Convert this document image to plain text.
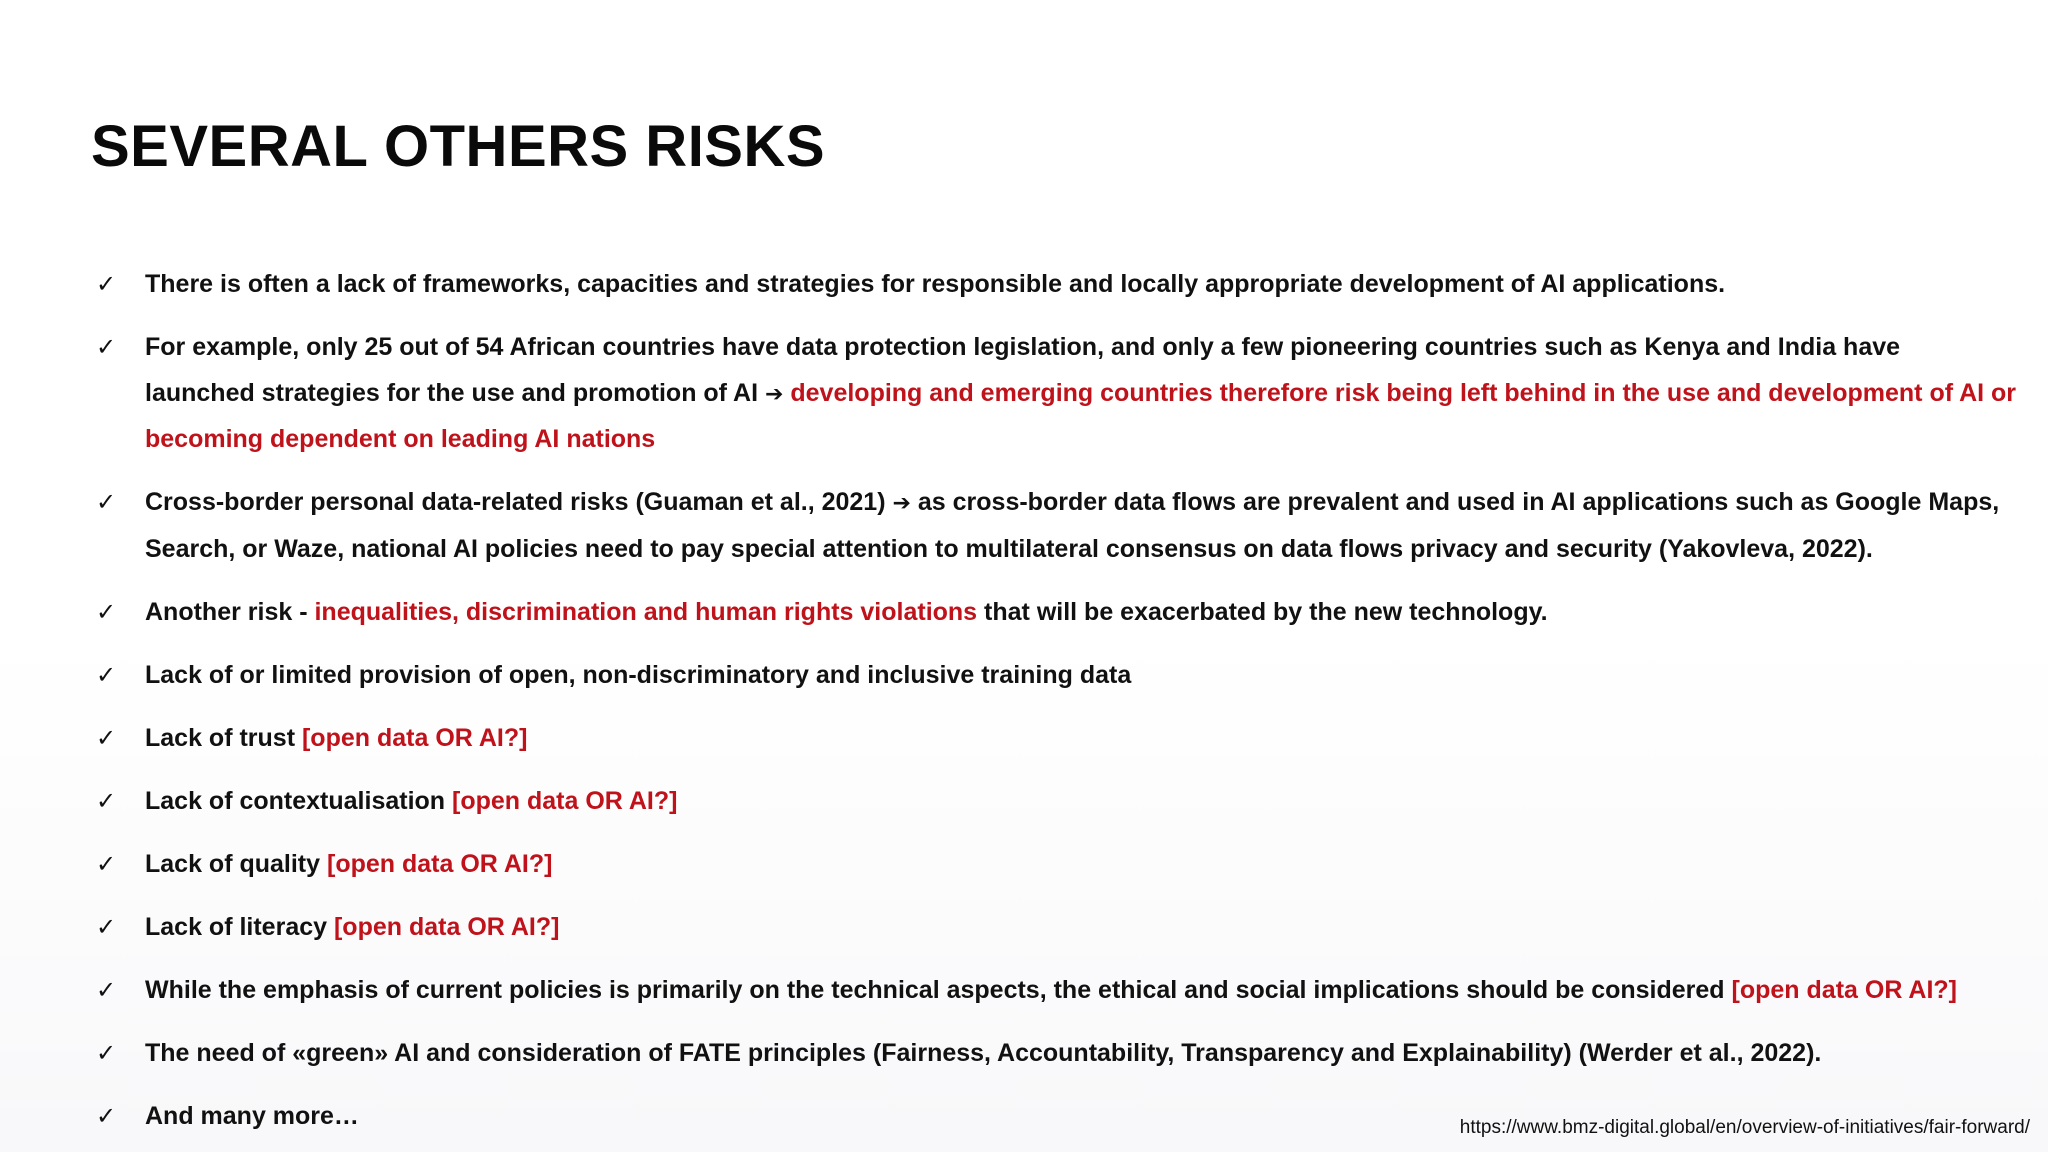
SEVERAL OTHERS RISKS
✓ There is often a lack of frameworks, capacities and strategies for responsible and locally appropriate development of AI applications.
✓ For example, only 25 out of 54 African countries have data protection legislation, and only a few pioneering countries such as Kenya and India have launched strategies for the use and promotion of AI ➔ developing and emerging countries therefore risk being left behind in the use and development of AI or becoming dependent on leading AI nations
✓ Cross-border personal data-related risks (Guaman et al., 2021) ➔ as cross-border data flows are prevalent and used in AI applications such as Google Maps, Search, or Waze, national AI policies need to pay special attention to multilateral consensus on data flows privacy and security (Yakovleva, 2022).
✓ Another risk - inequalities, discrimination and human rights violations that will be exacerbated by the new technology.
✓ Lack of or limited provision of open, non-discriminatory and inclusive training data
✓ Lack of trust [open data OR AI?]
✓ Lack of contextualisation [open data OR AI?]
✓ Lack of quality [open data OR AI?]
✓ Lack of literacy [open data OR AI?]
✓ While the emphasis of current policies is primarily on the technical aspects, the ethical and social implications should be considered [open data OR AI?]
✓ The need of «green» AI and consideration of FATE principles (Fairness, Accountability, Transparency and Explainability) (Werder et al., 2022).
✓ And many more…	https://www.bmz-digital.global/en/overview-of-initiatives/fair-forward/
